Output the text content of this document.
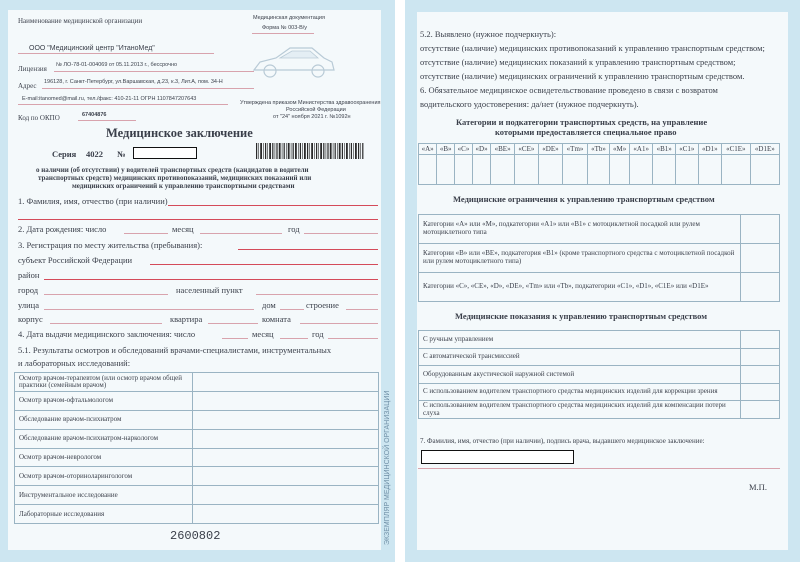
ЭКЗЕМПЛЯР МЕДИЦИНСКОЙ ОРГАНИЗАЦИИ
Наименование медицинской организации	Медицинская документация
Форма № 003-В/у
ООО "Медицинский центр "ИтаноМед"
Лицензия № ЛО-78-01-004069 от 05.11.2013 г., бессрочно
Адрес 196128, г. Санкт-Петербург, ул.Варшавская, д.23, к.3, Лит.А, пом. 34-Н
E-mail:itanomed@mail.ru, тел./факс: 410-21-11 ОГРН 1107847207643
Утверждена приказом Министерства здравоохранения
Российской Федерации
от "24" ноября 2021 г. №1092н
Код по ОКПО	67404876
Медицинское заключение
Серия 4022 №
о наличии (об отсутствии) у водителей транспортных средств (кандидатов в водители
транспортных средств) медицинских противопоказаний, медицинских показаний или
медицинских ограничений к управлению транспортными средствами
1. Фамилия, имя, отчество (при наличии)
2. Дата рождения: число	месяц	год
3. Регистрация по месту жительства (пребывания):
субъект Российской Федерации
район
город	населенный пункт
улица	дом	строение
корпус	квартира	комната
4. Дата выдачи медицинского заключения: число	месяц	год
5.1. Результаты осмотров и обследований врачами-специалистами, инструментальных
и лабораторных исследований:
Осмотр врачом-терапевтом (или осмотр врачом общей практики (семейным врачом)	
Осмотр врачом-офтальмологом	
Обследование врачом-психиатром	
Обследование врачом-психиатром-наркологом	
Осмотр врачом-неврологом	
Осмотр врачом-оториноларингологом	
Инструментальное исследование	
Лабораторные исследования	
2600802
5.2. Выявлено (нужное подчеркнуть):
отсутствие (наличие) медицинских противопоказаний к управлению транспортным средством;
отсутствие (наличие) медицинских показаний к управлению транспортным средством;
отсутствие (наличие) медицинских ограничений к управлению транспортным средством.
6. Обязательное медицинское освидетельствование проведено в связи с возвратом
водительского удостоверения: да/нет (нужное подчеркнуть).
Категории и подкатегории транспортных средств, на управление
которыми предоставляется специальное право
«A»	«B»	«C»	«D»	«BE»	«CE»	«DE»	«Tm»	«Tb»	«M»	«A1»	«B1»	«C1»	«D1»	«C1E»	«D1E»

Медицинские ограничения к управлению транспортным средством
Категории «A» или «M», подкатегории «A1» или «B1» с мотоциклетной посадкой или рулем мотоциклетного типа	
Категории «B» или «BE», подкатегория «B1» (кроме транспортного средства с мотоциклетной посадкой или рулем мотоциклетного типа)	
Категории «C», «CE», «D», «DE», «Tm» или «Tb», подкатегории «C1», «D1», «C1E» или «D1E»	
Медицинские показания к управлению транспортным средством
С ручным управлением	
С автоматической трансмиссией	
Оборудованным акустической наружной системой	
С использованием водителем транспортного средства медицинских изделий для коррекции зрения	
С использованием водителем транспортного средства медицинских изделий для компенсации потери слуха	
7. Фамилия, имя, отчество (при наличии), подпись врача, выдавшего медицинское заключение:
М.П.
